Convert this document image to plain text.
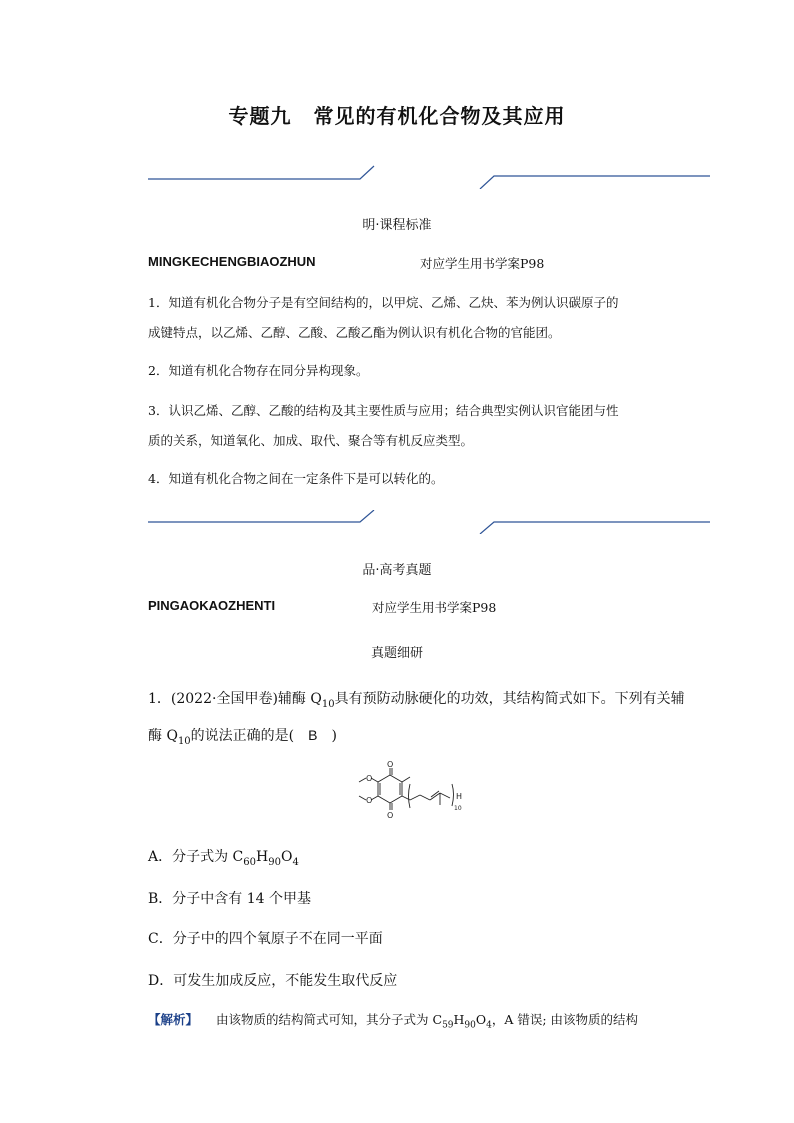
专题九 常见的有机化合物及其应用
明·课程标准
MINGKECHENGBIAOZHUN	对应学生用书学案P98
1．知道有机化合物分子是有空间结构的，以甲烷、乙烯、乙炔、苯为例认识碳原子的
成键特点，以乙烯、乙醇、乙酸、乙酸乙酯为例认识有机化合物的官能团。
2．知道有机化合物存在同分异构现象。
3．认识乙烯、乙醇、乙酸的结构及其主要性质与应用；结合典型实例认识官能团与性
质的关系，知道氧化、加成、取代、聚合等有机反应类型。
4．知道有机化合物之间在一定条件下是可以转化的。
品·高考真题
PINGAOKAOZHENTI	对应学生用书学案P98
真题细研
1．(2022·全国甲卷)辅酶 $Q_{10}$具有预防动脉硬化的功效，其结构简式如下。下列有关辅
酶 $Q_{10}$的说法正确的是(　B　)
O
O
O
O	H
10
A．分子式为 $C_{60}H_{90}O_4$
B．分子中含有 14 个甲基
C．分子中的四个氧原子不在同一平面
D．可发生加成反应，不能发生取代反应
【解析】 由该物质的结构简式可知，其分子式为 $C_{59}H_{90}O_4$，A 错误; 由该物质的结构
